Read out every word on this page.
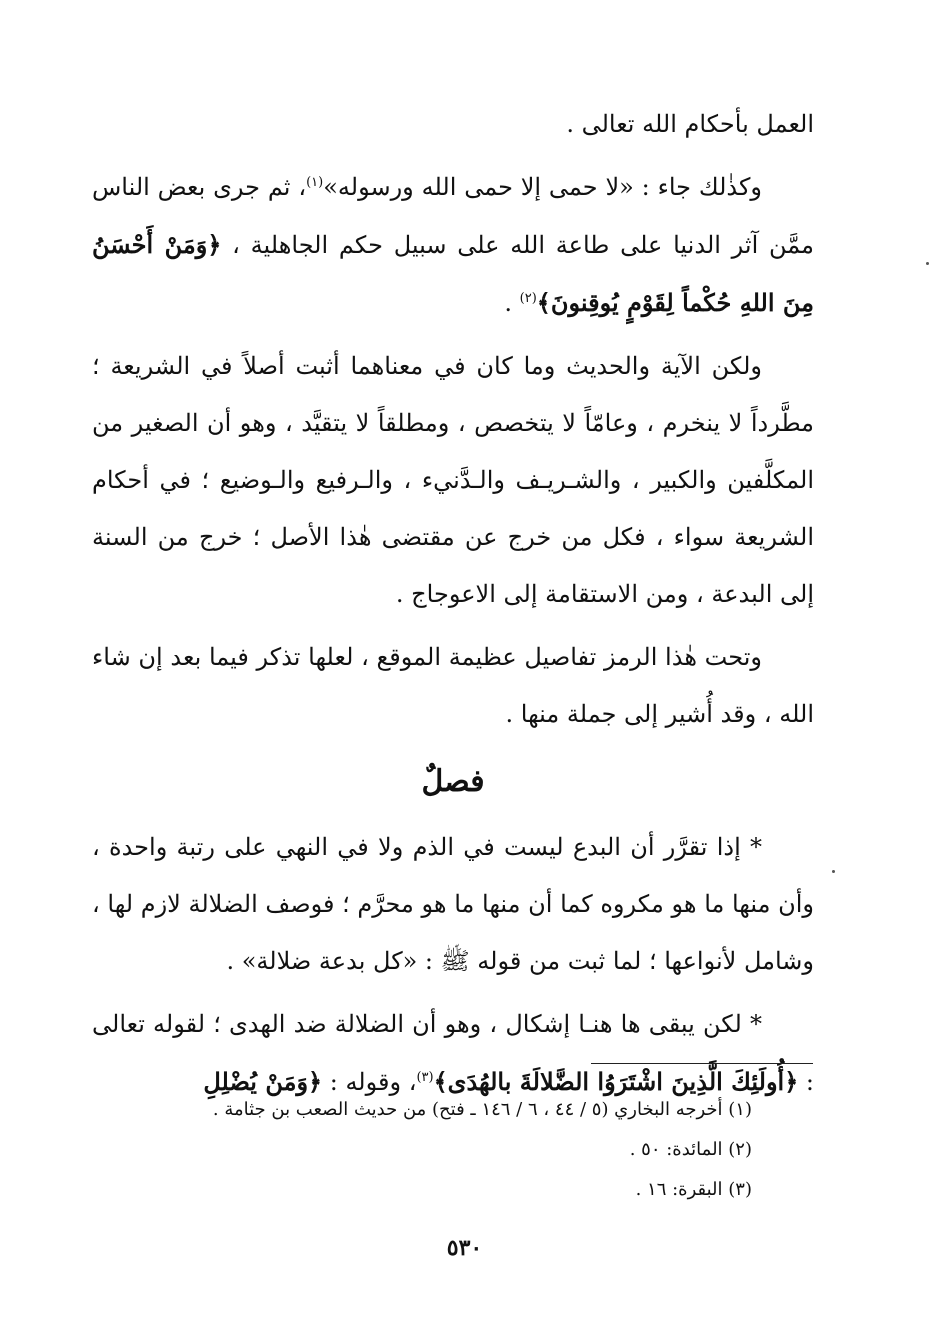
العمل بأحكام الله تعالى .

وكذٰلك جاء : «لا حمى إلا حمى الله ورسوله»$^{(١)}$، ثم جرى بعض الناس ممَّن آثر الدنيا على طاعة الله على سبيل حكم الجاهلية ، ﴿وَمَنْ أَحْسَنُ مِنَ اللهِ حُكْماً لِقَوْمٍ يُوقِنونَ﴾$^{(٢)}$ .

ولكن الآية والحديث وما كان في معناهما أثبت أصلاً في الشريعة ؛ مطَّرداً لا ينخرم ، وعامّاً لا يتخصص ، ومطلقاً لا يتقيَّد ، وهو أن الصغير من المكلَّفين والكبير ، والشـريـف والـدَّنيء ، والـرفيع والـوضيع ؛ في أحكام الشريعة سواء ، فكل من خرج عن مقتضى هٰذا الأصل ؛ خرج من السنة إلى البدعة ، ومن الاستقامة إلى الاعوجاج .

وتحت هٰذا الرمز تفاصيل عظيمة الموقع ، لعلها تذكر فيما بعد إن شاء الله ، وقد أُشير إلى جملة منها .

فصلٌ

* إذا تقرَّر أن البدع ليست في الذم ولا في النهي على رتبة واحدة ، وأن منها ما هو مكروه كما أن منها ما هو محرَّم ؛ فوصف الضلالة لازم لها ، وشامل لأنواعها ؛ لما ثبت من قوله ﷺ : «كل بدعة ضلالة» .

* لكن يبقى ها هنـا إشكال ، وهو أن الضلالة ضد الهدى ؛ لقوله تعالى : ﴿أُولَئِكَ الَّذِينَ اشْتَرَوُا الضَّلالَةَ بالهُدَى﴾$^{(٣)}$، وقوله : ﴿وَمَنْ يُضْلِلِ

(١) أخرجه البخاري (٥ / ٤٤ ، ٦ / ١٤٦ ـ فتح) من حديث الصعب بن جثامة .

(٢) المائدة: ٥٠ .

(٣) البقرة: ١٦ .

٥٣٠
